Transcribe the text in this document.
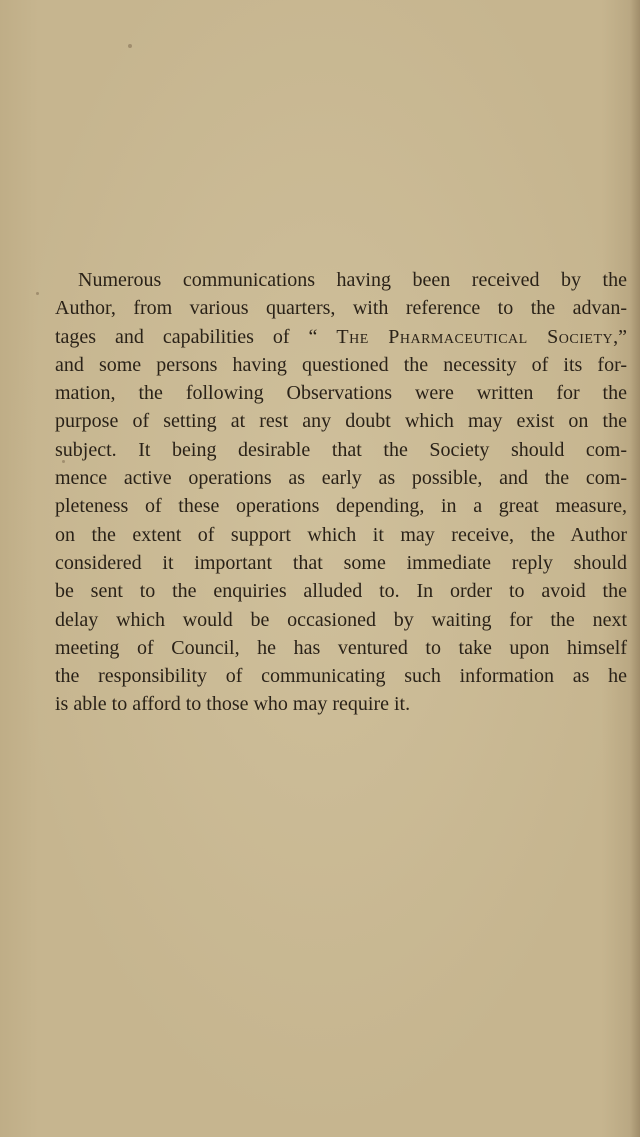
Numerous communications having been received by the
Author, from various quarters, with reference to the advan-
tages and capabilities of “ The Pharmaceutical Society,”
and some persons having questioned the necessity of its for-
mation, the following Observations were written for the
purpose of setting at rest any doubt which may exist on the
subject. It being desirable that the Society should com-
mence active operations as early as possible, and the com-
pleteness of these operations depending, in a great measure,
on the extent of support which it may receive, the Author
considered it important that some immediate reply should
be sent to the enquiries alluded to. In order to avoid the
delay which would be occasioned by waiting for the next
meeting of Council, he has ventured to take upon himself
the responsibility of communicating such information as he
is able to afford to those who may require it.
